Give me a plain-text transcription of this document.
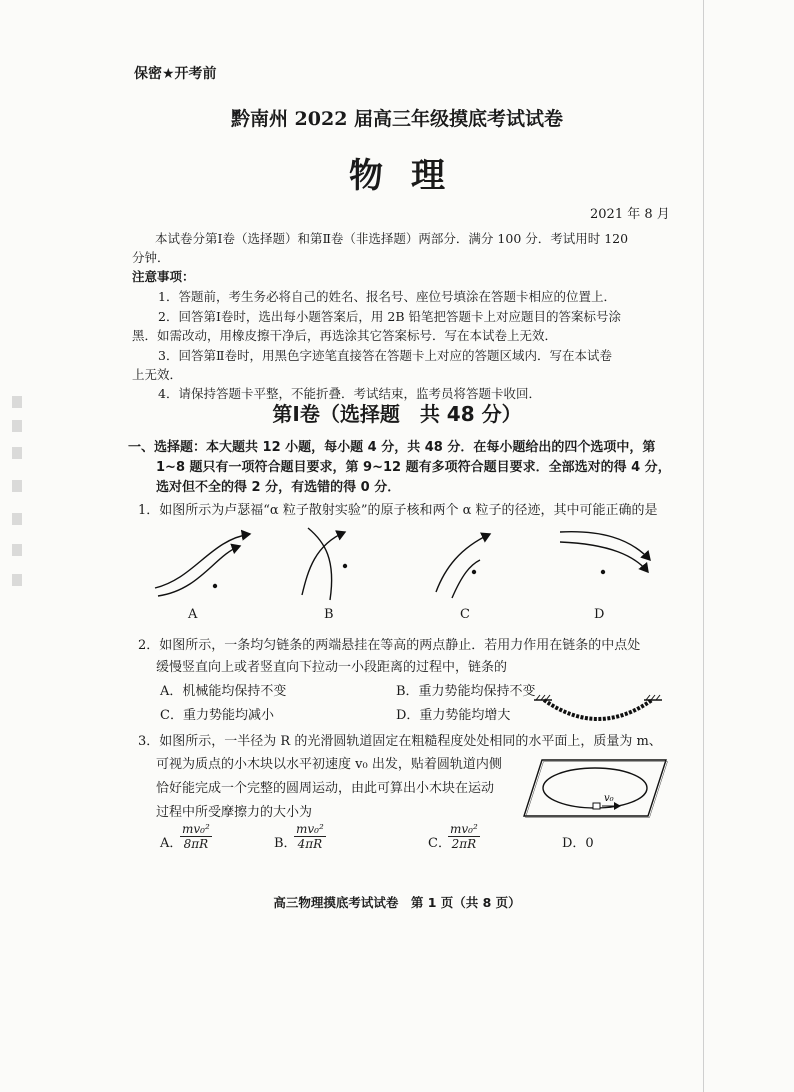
保密★开考前
黔南州 2022 届高三年级摸底考试试卷
物理
2021 年 8 月
本试卷分第Ⅰ卷（选择题）和第Ⅱ卷（非选择题）两部分．满分 100 分．考试用时 120
分钟．
注意事项：
1．答题前，考生务必将自己的姓名、报名号、座位号填涂在答题卡相应的位置上．
2．回答第Ⅰ卷时，选出每小题答案后，用 2B 铅笔把答题卡上对应题目的答案标号涂
黑．如需改动，用橡皮擦干净后，再选涂其它答案标号．写在本试卷上无效．
3．回答第Ⅱ卷时，用黑色字迹笔直接答在答题卡上对应的答题区域内．写在本试卷
上无效．
4．请保持答题卡平整，不能折叠．考试结束，监考员将答题卡收回．
第Ⅰ卷（选择题　共 48 分）
一、选择题：本大题共 12 小题，每小题 4 分，共 48 分．在每小题给出的四个选项中，第
1~8 题只有一项符合题目要求，第 9~12 题有多项符合题目要求．全部选对的得 4 分，
选对但不全的得 2 分，有选错的得 0 分．
1．如图所示为卢瑟福“α 粒子散射实验”的原子核和两个 α 粒子的径迹，其中可能正确的是
A	B	C	D
2．如图所示，一条均匀链条的两端悬挂在等高的两点静止．若用力作用在链条的中点处
缓慢竖直向上或者竖直向下拉动一小段距离的过程中，链条的
A．机械能均保持不变	B．重力势能均保持不变
C．重力势能均减小	D．重力势能均增大
3．如图所示，一半径为 R 的光滑圆轨道固定在粗糙程度处处相同的水平面上，质量为 m、
可视为质点的小木块以水平初速度 v₀ 出发，贴着圆轨道内侧
恰好能完成一个完整的圆周运动，由此可算出小木块在运动
过程中所受摩擦力的大小为
v₀
A．
$\frac{\text{mv₀²}}{8\pi R}$	B．
$\frac{\text{mv₀²}}{4\pi R}$	C．
$\frac{\text{mv₀²}}{2\pi R}$	D．0
高三物理摸底考试试卷　第 1 页（共 8 页）
